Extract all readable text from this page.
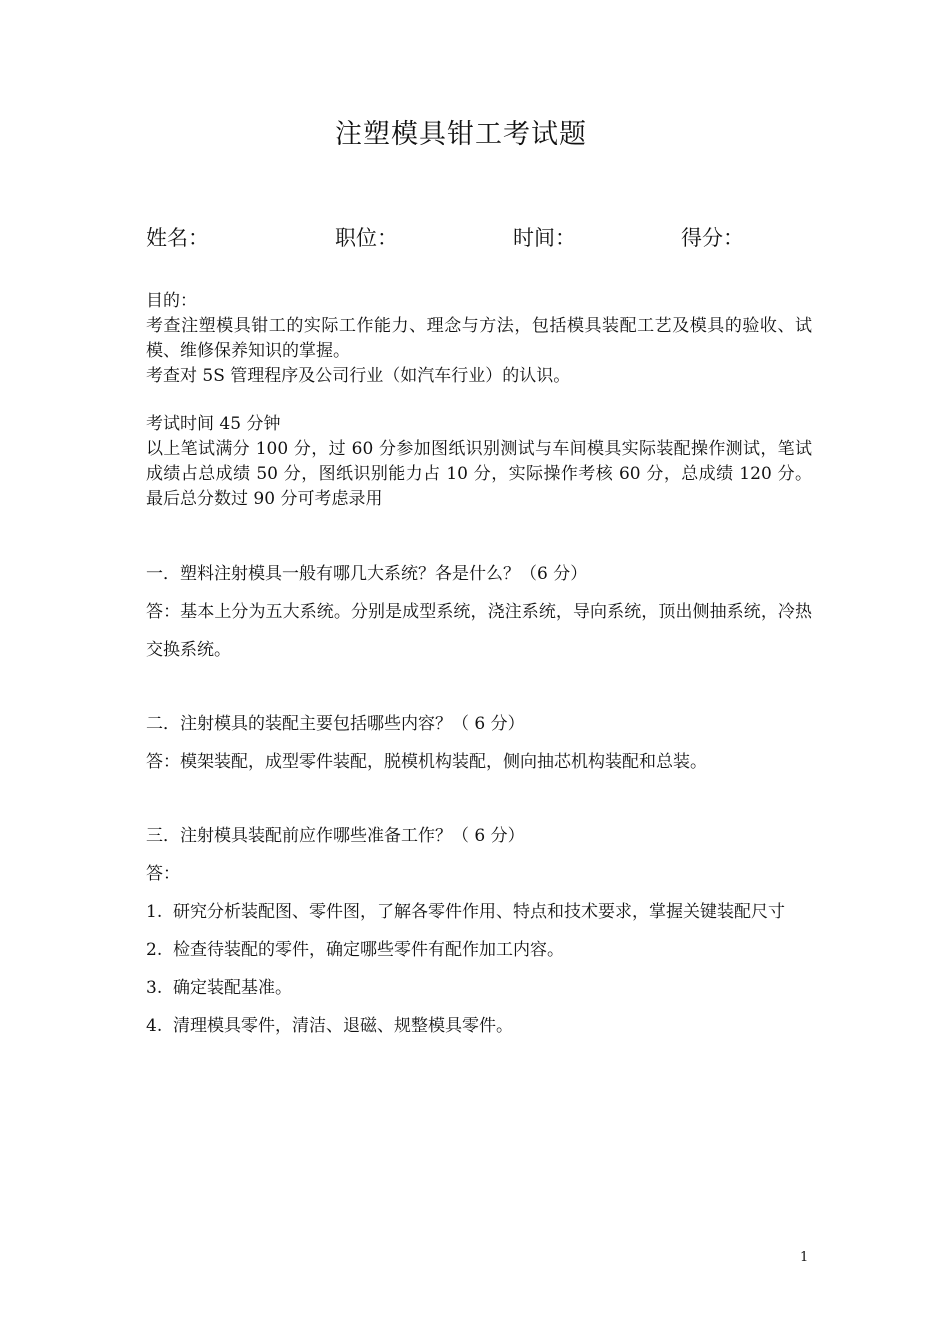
注塑模具钳工考试题
姓名：	职位：	时间：	得分：

目的：

考查注塑模具钳工的实际工作能力、理念与方法，包括模具装配工艺及模具的验收、试模、维修保养知识的掌握。

考查对 5S 管理程序及公司行业（如汽车行业）的认识。

考试时间 45 分钟

以上笔试满分 100 分，过 60 分参加图纸识别测试与车间模具实际装配操作测试，笔试成绩占总成绩 50 分，图纸识别能力占 10 分，实际操作考核 60 分，总成绩 120 分。最后总分数过 90 分可考虑录用

一．塑料注射模具一般有哪几大系统？各是什么？（6 分）

答：基本上分为五大系统。分别是成型系统，浇注系统，导向系统，顶出侧抽系统，冷热交换系统。

二．注射模具的装配主要包括哪些内容？（ 6 分）

答：模架装配，成型零件装配，脱模机构装配，侧向抽芯机构装配和总装。

三．注射模具装配前应作哪些准备工作？（ 6 分）

答：

1. 研究分析装配图、零件图，了解各零件作用、特点和技术要求，掌握关键装配尺寸
2. 检查待装配的零件，确定哪些零件有配作加工内容。
3. 确定装配基准。
4. 清理模具零件，清洁、退磁、规整模具零件。
1
